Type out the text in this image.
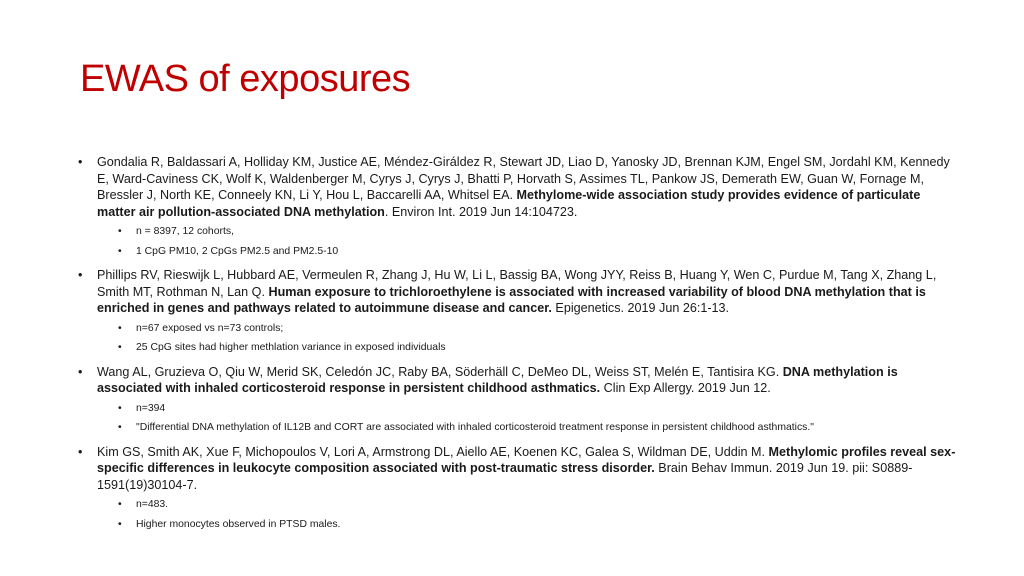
EWAS of exposures
• Gondalia R, Baldassari A, Holliday KM, Justice AE, Méndez-Giráldez R, Stewart JD, Liao D, Yanosky JD, Brennan KJM, Engel SM, Jordahl KM, Kennedy E, Ward-Caviness CK, Wolf K, Waldenberger M, Cyrys J, Cyrys J, Bhatti P, Horvath S, Assimes TL, Pankow JS, Demerath EW, Guan W, Fornage M, Bressler J, North KE, Conneely KN, Li Y, Hou L, Baccarelli AA, Whitsel EA. Methylome-wide association study provides evidence of particulate matter air pollution-associated DNA methylation. Environ Int. 2019 Jun 14:104723.
• n = 8397, 12 cohorts,
• 1 CpG PM10, 2 CpGs PM2.5 and PM2.5-10
• Phillips RV, Rieswijk L, Hubbard AE, Vermeulen R, Zhang J, Hu W, Li L, Bassig BA, Wong JYY, Reiss B, Huang Y, Wen C, Purdue M, Tang X, Zhang L, Smith MT, Rothman N, Lan Q. Human exposure to trichloroethylene is associated with increased variability of blood DNA methylation that is enriched in genes and pathways related to autoimmune disease and cancer. Epigenetics. 2019 Jun 26:1-13.
• n=67 exposed vs n=73 controls;
• 25 CpG sites had higher methlation variance in exposed individuals
• Wang AL, Gruzieva O, Qiu W, Merid SK, Celedón JC, Raby BA, Söderhäll C, DeMeo DL, Weiss ST, Melén E, Tantisira KG. DNA methylation is associated with inhaled corticosteroid response in persistent childhood asthmatics. Clin Exp Allergy. 2019 Jun 12.
• n=394
• "Differential DNA methylation of IL12B and CORT are associated with inhaled corticosteroid treatment response in persistent childhood asthmatics."
• Kim GS, Smith AK, Xue F, Michopoulos V, Lori A, Armstrong DL, Aiello AE, Koenen KC, Galea S, Wildman DE, Uddin M. Methylomic profiles reveal sex-specific differences in leukocyte composition associated with post-traumatic stress disorder. Brain Behav Immun. 2019 Jun 19. pii: S0889-1591(19)30104-7.
• n=483.
• Higher monocytes observed in PTSD males.
